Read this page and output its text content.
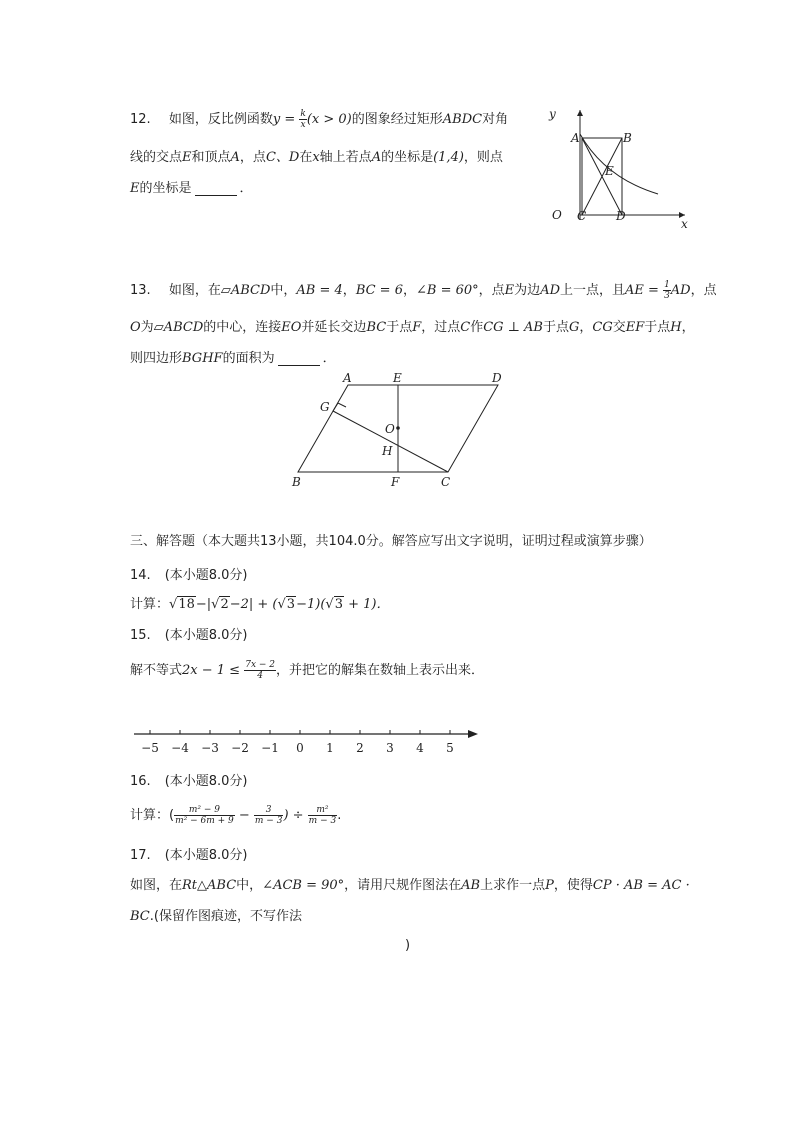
12. 如图，反比例函数$y = \frac{k}{x} (x > 0)$的图象经过矩形ABDC对角
线的交点E和顶点A，点C、D在x轴上若点A的坐标是(1,4)，则点
E的坐标是	．
y
x
O
A	B
C D
E
13. 如图，在▱ABCD中，AB = 4，BC = 6，∠B = 60°，点E为边AD上一点，且AE = $\frac{1}{3}$ AD，点
O为▱ABCD的中心，连接EO并延长交边BC于点F，过点C作CG ⊥ AB于点G，CG交EF于点H，
则四边形BGHF的面积为	．
A	E	D
G
O
H
B	F	C
三、解答题（本大题共13小题，共104.0分。解答应写出文字说明，证明过程或演算步骤）
14. (本小题8.0分)
计算：√18−|√2−2| + (√3−1)(√3 + 1)．
15. (本小题8.0分)
解不等式$2x - 1 \le \frac{7x - 2}{4}$ ，并把它的解集在数轴上表示出来．
−5 −4 −3 −2 −1 0 1 2 3 4 5
16. (本小题8.0分)
计算：( $\frac{\text{m² − 9}}{\text{m² − 6m + 9}} - \frac{3}{m - 3}$ ) ÷ $\frac{\text{m²}}{m - 3}$ .
17. (本小题8.0分)
如图，在Rt△ABC中，∠ACB = 90°，请用尺规作图法在AB上求作一点P，使得CP · AB = AC ·
BC.(保留作图痕迹，不写作法
)
